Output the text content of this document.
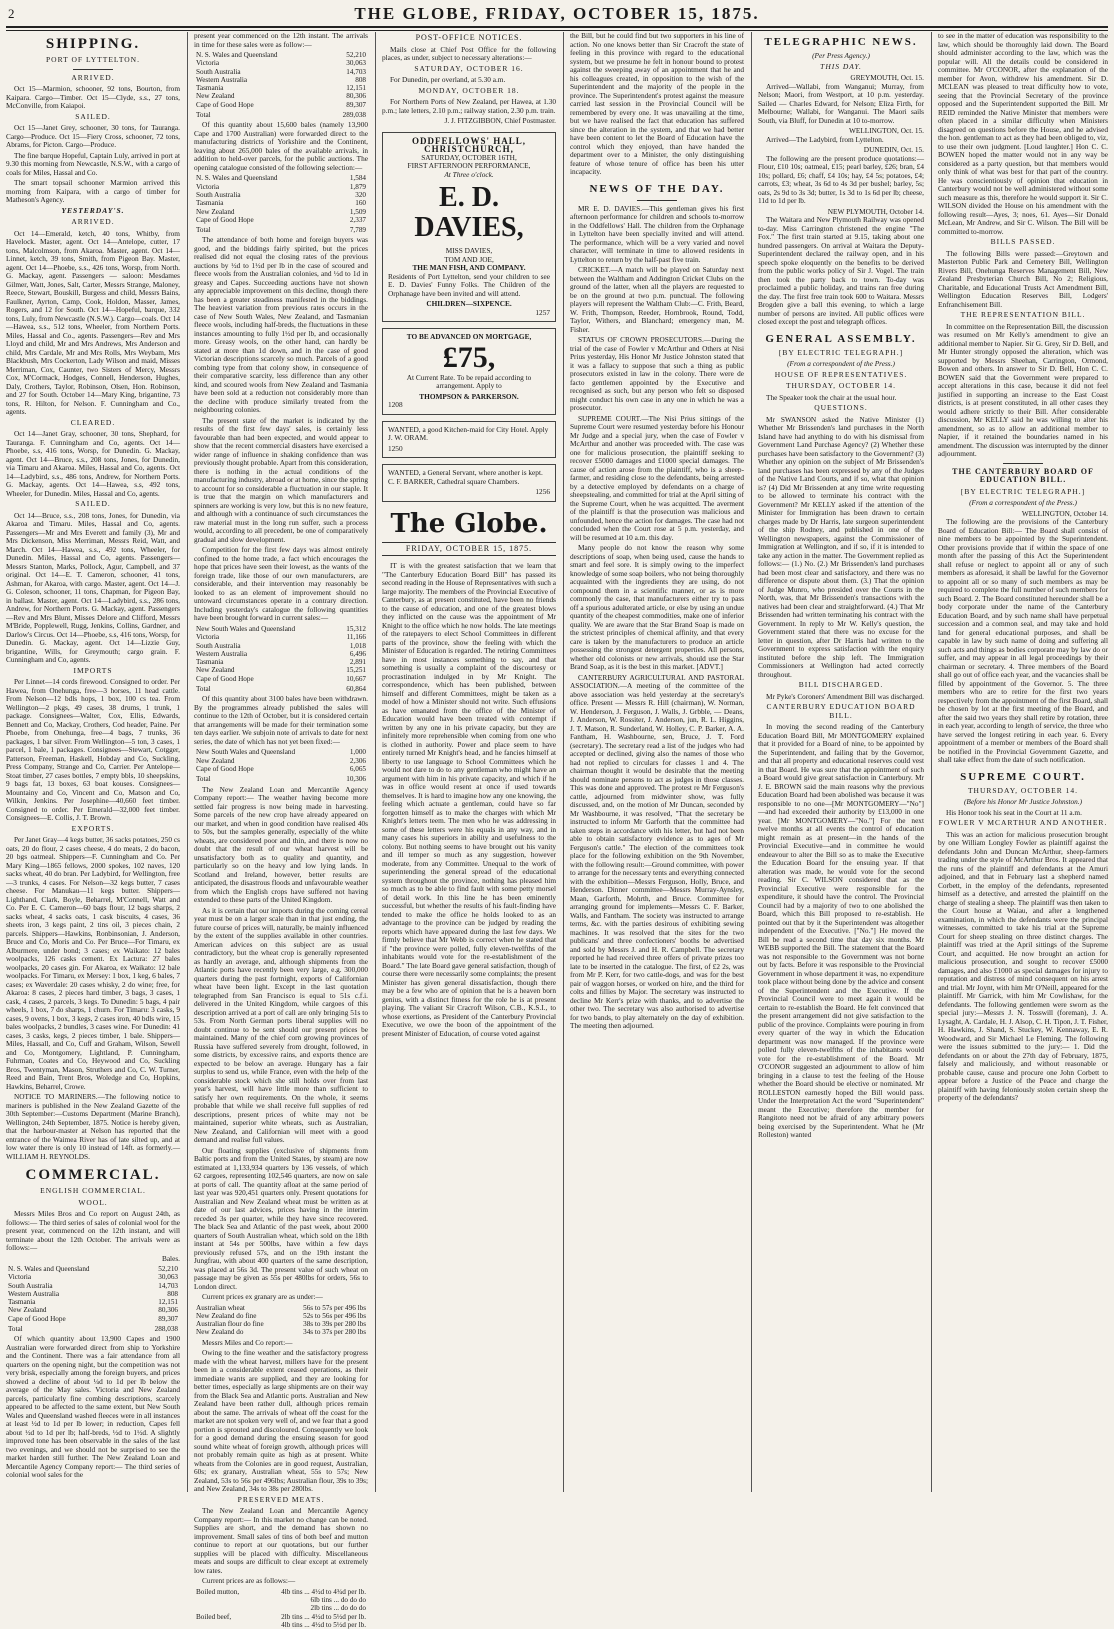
2	THE GLOBE, FRIDAY, OCTOBER 15, 1875.
SHIPPING.
PORT OF LYTTELTON.
ARRIVED.

Oct 15—Marmion, schooner, 92 tons, Bourton, from Kaipara. Cargo—Timber. Oct 15—Clyde, s.s., 27 tons, McConville, from Kaiapoi.

SAILED.

Oct 15—Janet Grey, schooner, 30 tons, for Tauranga. Cargo—Produce. Oct 15—Fiery Cross, schooner, 72 tons, Abrams, for Picton. Cargo—Produce.

The fine barque Hopeful, Captain Luly, arrived in port at 9.30 this morning from Newcastle, N.S.W., with a cargo of coals for Miles, Hassal and Co.

The smart topsail schooner Marmion arrived this morning from Kaipara, with a cargo of timber for Matheson's Agency.

YESTERDAY'S.
ARRIVED.

Oct 14—Emerald, ketch, 40 tons, Whitby, from Havelock. Master, agent. Oct 14—Antelope, cutter, 17 tons, Malcolmson, from Akaroa. Master, agent. Oct 14—Linnet, ketch, 39 tons, Smith, from Pigeon Bay. Master, agent. Oct 14—Phoebe, s.s., 426 tons, Worsp, from North. G. Mackay, agent. Passengers — saloon: Mesdames Gilmer, Watt, Jones, Salt, Carter, Messrs Strange, Maloney, Reece, Stewart, Bouskill, Burgess and child, Messrs Bains, Faulkner, Ayrton, Camp, Cook, Holdon, Masser, James, Rogers, and 12 for South. Oct 14—Hopeful, barque, 332 tons, Luly, from Newcastle (N.S.W.). Cargo—coals. Oct 14—Hawea, s.s., 512 tons, Wheeler, from Northern Ports. Miles, Hassal and Co., agents. Passengers—Rev and Mrs Lloyd and child, Mr and Mrs Andrews, Mrs Anderson and child, Mrs Cardale, Mr and Mrs Rolls, Mrs Weybam, Mrs Blackbush, Mrs Cockerton, Lady Wilson and maid, Misses Merriman, Cox, Caunter, two Sisters of Mercy, Messrs Cox, M'Cormack, Hodges, Connell, Henderson, Hughes, Daly, Crothers, Taylor, Robinson, Olsen, Hon. Robinson, and 27 for South. October 14—Mary King, brigantine, 73 tons, R. Hilton, for Nelson. F. Cunningham and Co., agents.

CLEARED.

Oct 14—Janet Gray, schooner, 30 tons, Shephard, for Tauranga. F. Cunningham and Co, agents. Oct 14—Phoebe, s.s, 416 tons, Worsp, for Dunedin. G. Mackay, agent. Oct 14—Bruce, s.s., 208 tons, Jones, for Dunedin, via Timaru and Akaroa. Miles, Hassal and Co, agents. Oct 14—Ladybird, s.s., 486 tons, Andrew, for Northern Ports. G. Mackay, agents. Oct 14—Hawea, s.s, 492 tons, Wheeler, for Dunedin. Miles, Hassal and Co, agents.

SAILED.

Oct 14—Bruce, s.s., 208 tons, Jones, for Dunedin, via Akaroa and Timaru. Miles, Hassal and Co, agents. Passengers—Mr and Mrs Everett and family (3), Mr and Mrs Dickenson, Miss Merriman, Messrs Reid, Watt, and March. Oct 14—Hawea, s.s., 492 tons, Wheeler, for Dunedin. Miles, Hassal and Co, agents. Passengers—Messrs Stanton, Marks, Pollock, Agur, Campbell, and 37 original. Oct 14—E. T. Cameron, schooner, 41 tons, Ashman, for Akaroa, with cargo. Master, agent. Oct 14—J. G. Coleson, schooner, 11 tons, Chapman, for Pigeon Bay, in ballast. Master, agent. Oct 14—Ladybird, s.s., 286 tons, Andrew, for Northern Ports. G. Mackay, agent. Passengers—Rev and Mrs Blunt, Misses Delore and Clifford, Messrs M'Bride, Popplewell, Rugg, Jenkins, Collins, Gardner, and Darlow's Circus. Oct 14—Phoebe, s.s, 416 tons, Worsp, for Dunedin. G. Mackay, agent. Oct 14—Lizzie Guy, brigantine, Wills, for Greymouth; cargo grain. F. Cunningham and Co, agents.

IMPORTS

Per Linnet—14 cords firewood. Consigned to order. Per Hawea, from Onehunga, free—3 horses, 11 head cattle. From Nelson—12 bdls hops, 1 box, 100 cs tea. From Wellington—2 pkgs, 49 cases, 38 drums, 1 trunk, 1 package. Consignees—Walter, Cox, Ellis, Edwards, Bennett and Co, Mackay, Crothers, Cod header, Paine. Per Phoebe, from Onehunga, free—4 bags, 7 trunks, 36 packages, 1 bar silver. From Wellington—5 ton, 3 cases, 1 parcel, 1 bale, 1 packages. Consignees—Stewart, Cotgger, Patterson, Freeman, Haskell, Hobday and Co, Suckling, Press Company, Strange and Co, Carrier. Per Antelope—Stoat timber, 27 cases bottles, 7 empty bbls, 10 sheepskins, 9 bags fat, 13 boxes, 63 boat kouses. Consignees—Mountainy and Co, Vincent and Co, Matson and Co, Wilkin, Jenkins. Per Josephine—40,660 feet timber. Consigned to order. Per Emerald—32,000 feet timber. Consignees—E. Collis, J. T. Brown.

EXPORTS.

Per Janet Gray—4 kegs butter, 36 sacks potatoes, 250 cs oats, 20 do flour, 2 cases cheese, 4 do meats, 2 do bacon, 20 bgs oatmeal. Shippers—F. Cunningham and Co. Per Mary King—1865 fellows, 2000 spokes, 102 naves, 120 sacks wheat, 40 do bran. Per Ladybird, for Wellington, free—3 trunks, 4 cases. For Nelson—32 kegs butter, 7 cases cheese. For Manukau—11 kegs butter. Shippers—Lighthand, Clark, Boyle, Beharrel, M'Connell, Watt and Co. Per E. C. Cameron—60 bags flour, 12 bags sharps, 2 sacks wheat, 4 sacks oats, 1 cask biscuits, 4 cases, 36 sheets iron, 3 kegs paint, 2 tins oil, 3 pieces chain, 2 parcels. Shippers—Hawkins, Ronbinsonian, J. Anderson, Bruce and Co, Moris and Co. Per Bruce—For Timaru, ex Alburmere, under bond; 3 cases; ex Waikato: 12 bales woolpacks, 126 casks cement. Ex Lactura: 27 bales woolpacks, 20 cases gin. For Akaroa, ex Waikato: 12 bale woolpacks. For Timaru, ex Mersey: 1 box, 1 keg, 6 bales, 7 cases; ex Waverdale: 20 cases whisky, 2 do wine; free, for Akaroa: 8 cases, 2 pieces hard timber, 3 bags, 3 cases, 1 cask, 4 cases, 2 parcels, 3 kegs. To Dunedin: 5 bags, 4 pair wheels, 1 box, 7 do sharps, 1 churn. For Timaru: 3 casks, 9 cases, 9 ovens, 1 box, 3 kegs, 2 cases iron, 40 bdls wire, 15 bales woolpacks, 2 bundles, 3 cases wine. For Dunedin: 41 cases, 3 casks, kegs, 2 pieces timber, 1 bale. Shippers—Miles, Hassall, and Co, Cuff and Graham, Wilson, Sewell and Co, Montgomery, Lightland, P. Cunningham, Fuhrman, Coates and Co, Heywood and Co, Suckling Bros, Twentyman, Mason, Struthers and Co, C. W. Turner, Reed and Bain, Trent Bros, Woledge and Co, Hopkins, Hawkins, Beharrel, Crowe.

NOTICE TO MARINERS.—The following notice to mariners is published in the New Zealand Gazette of the 30th September:—Customs Department (Marine Branch), Wellington, 24th September, 1875. Notice is hereby given, that the harbour-master at Nelson has reported that the entrance of the Waimea River has of late silted up, and at low water there is only 10 instead of 14ft. as formerly.—WILLIAM H. REYNOLDS.

COMMERCIAL.
ENGLISH COMMERCIAL.
WOOL.

Messrs Miles Bros and Co report on August 24th, as follows:— The third series of sales of colonial wool for the present year, commenced on the 12th instant, and will terminate about the 12th October. The arrivals were as follows:—

Bales.
N. S. Wales and Queensland	52,210
Victoria	30,063
South Australia	14,703
Western Australia	808
Tasmania	12,151
New Zealand	80,306
Cape of Good Hope	89,307
Total	288,038

Of which quantity about 13,900 Capes and 1900 Australian were forwarded direct from ship to Yorkshire and the Continent. There was a fair attendance from all quarters on the opening night, but the competition was not very brisk, especially among the foreign buyers, and prices showed a decline of about ¼d to 1d per lb below the average of the May sales. Victoria and New Zealand parcels, particularly fine combing descriptions, scarcely appeared to be affected to the same extent, but New South Wales and Queensland washed fleeces were in all instances at least ½d to 1d per lb lower; in reduction, Capes fell about ½d to 1d per lb; half-breds, ½d to 1½d. A slightly improved tone has been observable in the sales of the last two evenings, and we should not be surprised to see the market harden still further. The New Zealand Loan and Mercantile Agency Company report:— The third series of colonial wool sales for the

present year commenced on the 12th instant. The arrivals in time for these sales were as follow:—

N. S. Wales and Queensland	52,210
Victoria	30,063
South Australia	14,703
Western Australia	808
Tasmania	12,151
New Zealand	80,306
Cape of Good Hope	89,307
Total	289,038

Of this quantity about 15,600 bales (namely 13,900 Cape and 1700 Australian) were forwarded direct to the manufacturing districts of Yorkshire and the Continent, leaving about 265,000 bales of the available arrivals, in addition to held-over parcels, for the public auctions. The opening catalogue consisted of the following selection:—

N. S. Wales and Queensland	1,584
Victoria	1,879
South Australia	320
Tasmania	160
New Zealand	1,509
Cape of Good Hope	2,337
Total	7,789

The attendance of both home and foreign buyers was good, and the biddings fairly spirited, but the prices realised did not equal the closing rates of the previous auctions by ½d to 1½d per lb in the case of scoured and fleece wools from the Australian colonies, and ½d to 1d in greasy and Capes. Succeeding auctions have not shown any appreciable improvement on this decline, though there has been a greater steadiness manifested in the biddings. The heaviest variation from previous rates occurs in the case of New South Wales, New Zealand, and Tasmanian fleece wools, including half-breds, the fluctuations in these instances amounting to fully 1½d per lb, and occasionally more. Greasy wools, on the other hand, can hardly be stated at more than 1d down, and in the case of good Victorian descriptions scarcely so much. Parcels of a good combing type from that colony show, in consequence of their comparative scarcity, less difference than any other kind, and scoured wools from New Zealand and Tasmania have been sold at a reduction not considerably more than the decline with produce similarly treated from the neighbouring colonies.

The present state of the market is indicated by the results of the first few days' sales, is certainly less favourable than had been expected, and would appear to show that the recent commercial disasters have exercised a wider range of influence in shaking confidence than was previously thought probable. Apart from this consideration, there is nothing in the actual conditions of the manufacturing industry, abroad or at home, since the spring to account for so considerable a fluctuation in our staple. It is true that the margin on which manufacturers and spinners are working is very low, but this is no new feature, and although with a continuance of such circumstances the raw material must in the long run suffer, such a process would, according to all precedent, be one of comparatively gradual and slow development.

Competition for the first few days was almost entirely confined to the home trade, a fact which encourages the hope that prices have seen their lowest, as the wants of the foreign trade, like those of our own manufacturers, are considerable, and their intervention may reasonably be looked to as an element of improvement should no untoward circumstances operate in a contrary direction. Including yesterday's catalogue the following quantities have been brought forward in current sales:—

New South Wales and Queensland	15,312
Victoria	11,166
South Australia	1,018
Western Australia	6,496
Tasmania	2,891
New Zealand	15,251
Cape of Good Hope	10,667
Total	60,864

Of this quantity about 3100 bales have been withdrawn. By the programmes already published the sales will continue to the 12th of October, but it is considered certain that arrangements will be made for their termination some ten days earlier. We subjoin note of arrivals to date for next series, the date of which has not yet been fixed:—

New South Wales and Queensland	1,000
New Zealand	2,306
Cape of Good Hope	6,065
Total	10,306

The New Zealand Loan and Mercantile Agency Company report:— The weather having become more settled fair progress is now being made in harvesting. Some parcels of the new crop have already appeared on our market, and when in good condition have realised 40s to 50s, but the samples generally, especially of the white wheats, are considered poor and thin, and there is now no doubt that the result of our wheat harvest will be unsatisfactory both as to quality and quantity, and particularly so on the heavy and low lying lands. In Scotland and Ireland, however, better results are anticipated, the disastrous floods and unfavourable weather from which the English crops have suffered not having extended to these parts of the United Kingdom.

As it is certain that our imports during the coming cereal year must be on a larger scale than in that just ending, the future course of prices will, naturally, be mainly influenced by the extent of the supplies available in other countries. American advices on this subject are as usual contradictory, but the wheat crop is generally represented as hardly an average, and, although shipments from the Atlantic ports have recently been very large, e.g. 300,000 quarters during the past fortnight, exports of Californian wheat have been light. Except in the last quotation telegraphed from San Francisco is equal to 51s c.f.i. delivered in the United Kingdom, while cargoes of this description arrived at a port of call are only bringing 51s to 53s. From North German ports liberal supplies will no doubt continue to be sent should our present prices be maintained. Many of the chief corn growing provinces of Russia have suffered severely from drought, followed, in some districts, by excessive rains, and exports thence are expected to be below an average. Hungary has a fair surplus to send us, while France, even with the help of the considerable stock which she still holds over from last year's harvest, will have little more than sufficient to satisfy her own requirements. On the whole, it seems probable that while we shall receive full supplies of red descriptions, present prices of white may not be maintained, superior white wheats, such as Australian, New Zealand, and Californian will meet with a good demand and realise full values.

Our floating supplies (exclusive of shipments from Baltic ports and from the United States, by steam) are now estimated at 1,133,934 quarters by 136 vessels, of which 62 cargoes, representing 102,546 quarters, are now on sale at ports of call. The quantity afloat at the same period of last year was 920,451 quarters only. Present quotations for Australian and New Zealand wheat must be written as at date of our last advices, prices having in the interim receded 3s per quarter, while they have since recovered. The black Sea and Atlantic of the past week, about 2000 quarters of South Australian wheat, which sold on the 18th instant at 54s per 500lbs, have within a few days previously refused 57s, and on the 19th instant the Jungfrau, with about 400 quarters of the same description, was placed at 56s 3d. The present value of such wheat on passage may be given as 55s per 480lbs for orders, 56s to London direct.

Current prices ex granary are as under:—

Australian wheat	56s to 57s per 496 lbs
New Zealand do fine	52s to 56s per 496 lbs
Australian flour do fine	38s to 39s per 280 lbs
New Zealand do	34s to 37s per 280 lbs

Messrs Miles and Co report:—

Owing to the fine weather and the satisfactory progress made with the wheat harvest, millers have for the present been in a considerable extent ceased operations, as their immediate wants are supplied, and they are looking for better times, especially as large shipments are on their way from the Black Sea and Atlantic ports. Australian and New Zealand have been rather dull, although prices remain about the same. The arrivals of wheat off the coast for the market are not spoken very well of, and we fear that a good portion is sprouted and discoloured. Consequently we look for a good demand during the ensuing season for good sound white wheat of foreign growth, although prices will not probably remain quite as high as at present. White wheats from the Colonies are in good request, Australian, 60s; ex granary, Australian wheat, 55s to 57s; New Zealand, 53s to 56s per 496lbs; Australian flour, 39s to 39s; and New Zealand, 34s to 38s per 280lbs.

PRESERVED MEATS.

The New Zealand Loan and Mercantile Agency Company report:— In this market no change can be noted. Supplies are short, and the demand has shown no improvement. Small sales of tins of both beef and mutton continue to report at our quotations, but our further supplies will be placed with difficulty. Miscellaneous meats and soups are difficult to clear except at extremely low rates.

Current prices are as follows:—

Boiled mutton,	4lb tins ... 4½d to 4¾d per lb.
	6lb tins ... do do do
	2lb tins ... do do do
Boiled beef,	2lb tins ... 4½d to 5½d per lb.
	4lb tins ... 4½d to 5½d per lb.
POST-OFFICE NOTICES.

Mails close at Chief Post Office for the following places, as under, subject to necessary alterations:—

SATURDAY, OCTOBER 16.

For Dunedin, per overland, at 5.30 a.m.

MONDAY, OCTOBER 18.

For Northern Ports of New Zealand, per Hawea, at 1.30 p.m.; late letters, 2.10 p.m.; railway station, 2.30 p.m. train.

J. J. FITZGIBBON, Chief Postmaster.
ODDFELLOWS' HALL, CHRISTCHURCH,
SATURDAY, OCTOBER 16TH,
FIRST AFTERNOON PERFORMANCE,
At Three o'clock.
E. D. DAVIES,
MISS DAVIES,
TOM AND JOE,
THE MAN FISH, AND COMPANY.

Residents of Port Lyttelton, send your children to see E. D. Davies' Funny Folks. The Children of the Orphanage have been invited and will attend.

CHILDREN—SIXPENCE.
1257
TO BE ADVANCED ON MORTGAGE,
£75,

At Current Rate. To be repaid according to arrangement. Apply to

THOMPSON & PARKERSON.
1208

WANTED, a good Kitchen-maid for City Hotel. Apply J. W. ORAM.

1250

WANTED, a General Servant, where another is kept. C. F. BARKER, Cathedral square Chambers.

1256
The Globe.
FRIDAY, OCTOBER 15, 1875.

IT is with the greatest satisfaction that we learn that "The Canterbury Education Board Bill" has passed its second reading in the House of Representatives with such a large majority. The members of the Provincial Executive of Canterbury, as at present constituted, have been no friends to the cause of education, and one of the greatest blows they inflicted on the cause was the appointment of Mr Knight to the office which he now holds. The late meetings of the ratepayers to elect School Committees in different parts of the province, show the feeling with which the Minister of Education is regarded. The retiring Committees have in most instances something to say, and that something is usually a complaint of the discourtesy or procrastination indulged in by Mr Knight. The correspondence, which has been published, between himself and different Committees, might be taken as a model of how a Minister should not write. Such effusions as have emanated from the office of the Minister of Education would have been treated with contempt if written by any one in his private capacity, but they are infinitely more reprehensible when coming from one who is clothed in authority. Power and place seem to have entirely turned Mr Knight's head, and he fancies himself at liberty to use language to School Committees which he would not dare to do to any gentleman who might have an argument with him in his private capacity, and which if he was in office would resent at once if used towards themselves. It is hard to imagine how any one knowing, the feeling which actuate a gentleman, could have so far forgotten himself as to make the charges with which Mr Knight's letters teem. The men who he was addressing in some of these letters were his equals in any way, and in many cases his superiors in ability and usefulness to the colony. But nothing seems to have brought out his vanity and ill temper so much as any suggestion, however moderate, from any Committee. Unequal to the work of superintending the general spread of the educational system throughout the province, nothing has pleased him so much as to be able to find fault with some petty morsel of detail work. In this line he has been eminently successful, but whether the results of his fault-finding have tended to make the office he holds looked to as an advantage to the province can be judged by reading the reports which have appeared during the last few days. We firmly believe that Mr Webb is correct when he stated that if "the province were polled, fully eleven-twelfths of the inhabitants would vote for the re-establishment of the Board." The late Board gave general satisfaction, though of course there were necessarily some complaints; the present Minister has given general dissatisfaction, though there may be a few who are of opinion that he is a heaven born genius, with a distinct fitness for the role he is at present playing. The valiant Sir Cracroft Wilson, C.B., K.S.I., to whose exertions, as President of the Canterbury Provincial Executive, we owe the boon of the appointment of the present Minister of Education, of course voted against

the Bill, but he could find but two supporters in his line of action. No one knows better than Sir Cracroft the state of feeling in this province with regard to the educational system, but we presume he felt in honour bound to protest against the sweeping away of an appointment that he and his colleagues created, in opposition to the wish of the Superintendent and the majority of the people in the province. The Superintendent's protest against the measure carried last session in the Provincial Council will be remembered by every one. It was unavailing at the time, but we have realised the fact that education has suffered since the alteration in the system, and that we had better have been content to let the Board of Education have the control which they enjoyed, than have handed the department over to a Minister, the only distinguishing feature of whose tenure of office has been his utter incapacity.

NEWS OF THE DAY.

MR E. D. DAVIES.—This gentleman gives his first afternoon performance for children and schools to-morrow in the Oddfellows' Hall. The children from the Orphanage in Lyttelton have been specially invited and will attend. The performance, which will be a very varied and novel character, will terminate in time to allowed residents in Lyttelton to return by the half-past five train.

CRICKET.—A match will be played on Saturday next between the Waltham and Addington Cricket Clubs on the ground of the latter, when all the players are requested to be on the ground at two p.m. punctual. The following players will represent the Waltham Club:—C. Frith, Beard, W. Frith, Thompson, Reeder, Hornbrook, Round, Todd, Taylor, Withers, and Blanchard; emergency man, M. Fisher.

STATUS OF CROWN PROSECUTORS.—During the trial of the case of Fowler v McArthur and Others at Nisi Prius yesterday, His Honor Mr Justice Johnston stated that it was a fallacy to suppose that such a thing as public prosecutors existed in law in the colony. There were de facto gentlemen appointed by the Executive and recognised as such, but any person who felt so disposed might conduct his own case in any one in which he was a prosecutor.

SUPREME COURT.—The Nisi Prius sittings of the Supreme Court were resumed yesterday before his Honour Mr Judge and a special jury, when the case of Fowler v McArthur and another was proceeded with. The case was one for malicious prosecution, the plaintiff seeking to recover £5000 damages and £1000 special damages. The cause of action arose from the plaintiff, who is a sheep-farmer, and residing close to the defendants, being arrested by a detective employed by defendants on a charge of sheepstealing, and committed for trial at the April sitting of the Supreme Court, when he was acquitted. The averment of the plaintiff is that the prosecution was malicious and unfounded, hence the action for damages. The case had not concluded when the Court rose at 5 p.m. yesterday, and will be resumed at 10 a.m. this day.

Many people do not know the reason why some descriptions of soap, when being used, cause the hands to smart and feel sore. It is simply owing to the imperfect knowledge of some soap boilers, who not being thoroughly acquainted with the ingredients they are using, do not compound them in a scientific manner, or as is more commonly the case, that manufacturers either try to pass off a spurious adulterated article, or else by using an undue quantity of the cheapest commodities, make one of inferior quality. We are aware that the Star Brand Soap is made on the strictest principles of chemical affinity, and that every care is taken by the manufacturers to produce an article possessing the strongest detergent properties. All persons, whether old colonists or new arrivals, should use the Star Brand Soap, as it is the best in this market. [ADVT.]

CANTERBURY AGRICULTURAL AND PASTORAL ASSOCIATION.—A meeting of the committee of the above association was held yesterday at the secretary's office. Present — Messrs R. Hill (chairman), W. Norman, W. Henderson, J. Ferguson, J. Walls, J. Grbble, — Deans, J. Anderson, W. Rossiter, J. Anderson, jun, R. L. Higgins, J. T. Matson, R. Sunderland, W. Holley, C. P. Barker, A. A. Fantham, H. Washbourne, sen, Bruce, J. T. Ford (secretary). The secretary read a list of the judges who had accepted or declined, giving also the names of those who had not replied to circulars for classes 1 and 4. The chairman thought it would be desirable that the meeting should nominate persons to act as judges in those classes. This was done and approved. The protest re Mr Ferguson's cattle, adjourned from midwinter show, was fully discussed, and, on the motion of Mr Duncan, seconded by Mr Washbourne, it was resolved, "That the secretary be instructed to inform Mr Garforth that the committee had taken steps in accordance with his letter, but had not been able to obtain satisfactory evidence as to ages of Mr Ferguson's cattle." The election of the committees took place for the following exhibition on the 9th November, with the following result:—Ground committee, with power to arrange for the necessary tents and everything connected with the exhibition—Messrs Ferguson, Holly, Bruce, and Henderson. Dinner committee—Messrs Murray-Aynsley, Maan, Garforth, Mohrth, and Bruce. Committee for arranging ground for implements—Messrs C. F. Barker, Walls, and Fantham. The society was instructed to arrange terms, &c. with the parties desirous of exhibiting sewing machines. It was resolved that the sites for the two publicans' and three confectioners' booths be advertised and sold by Messrs J. and H. R. Campbell. The secretary reported he had received three offers of private prizes too late to be inserted in the catalogue. The first, of £2 2s, was from Mr P. Kerr, for two cattle-dogs, and was for the best pair of waggon horses, or worked on hire, and the third for colts and fillies by Major. The secretary was instructed to decline Mr Kerr's prize with thanks, and to advertise the other two. The secretary was also authorised to advertise for two bands, to play alternately on the day of exhibition. The meeting then adjourned.

TELEGRAPHIC NEWS.
(Per Press Agency.)
THIS DAY.
GREYMOUTH, Oct. 15.

Arrived—Wallabi, from Wanganui; Murray, from Nelson; Maori, from Westport, at 10 p.m. yesterday. Sailed — Charles Edward, for Nelson; Eliza Firth, for Melbourne; Wallabi, for Wanganui. The Maori sails South, via Bluff, for Dunedin at 10 to-morrow.

WELLINGTON, Oct. 15.

Arrived—The Ladybird, from Lyttelton.

DUNEDIN, Oct. 15.

The following are the present produce quotations:—Flour, £10 10s; oatmeal, £15; pearl barley, £26; bran, £4 10s; pollard, £6; chaff, £4 10s; hay, £4 5s; potatoes, £4; carrots, £3; wheat, 3s 6d to 4s 3d per bushel; barley, 5s; oats, 2s 9d to 3s 3d; butter, 1s 3d to 1s 6d per lb; cheese, 11d to 1d per lb.

NEW PLYMOUTH, October 14.

The Waitara and New Plymouth Railway was opened to-day. Miss Carrington christened the engine "The Fox." The first train started at 9.15, taking about one hundred passengers. On arrival at Waitara the Deputy-Superintendent declared the railway open, and in his speech spoke eloquently on the benefits to be derived from the public works policy of Sir J. Vogel. The train then took the party back to town. To-day was proclaimed a public holiday, and trains ran free during the day. The first free train took 600 to Waitara. Messrs Brogden give a ball this evening, to which a large number of persons are invited. All public offices were closed except the post and telegraph offices.

GENERAL ASSEMBLY.
[BY ELECTRIC TELEGRAPH.]
(From a correspondent of the Press.)
HOUSE OF REPRESENTATIVES.
THURSDAY, OCTOBER 14.

The Speaker took the chair at the usual hour.

QUESTIONS.

Mr SWANSON asked the Native Minister (1) Whether Mr Brissenden's land purchases in the North Island have had anything to do with his dismissal from Government Land Purchase Agency? (2) Whether these purchases have been satisfactory to the Government? (3) Whether any opinion on the subject of Mr Brissenden's land purchases has been expressed by any of the Judges of the Native Land Courts, and if so, what that opinion is? (4) Did Mr Brissenden at any time write requesting to be allowed to terminate his contract with the Government? Mr KELLY asked if the attention of the Minister for Immigration has been drawn to certain charges made by Dr Harris, late surgeon superintendent of the ship Rodney, and published in one of the Wellington newspapers, against the Commissioner of Immigration at Wellington, and if so, if it is intended to take any action in the matter. The Government replied as follows:— (1.) No. (2.) Mr Brissenden's land purchases had been most clear and satisfactory, and there was no difference or dispute about them. (3.) That the opinion of Judge Munro, who presided over the Courts in the North, was, that Mr Brissenden's transactions with the natives had been clear and straightforward. (4.) That Mr Brissenden had written terminating his contract with the Government. In reply to Mr W. Kelly's question, the Government stated that there was no excuse for the letter in question, after Dr Harris had written to the Government to express satisfaction with the enquiry instituted before the ship left. The Immigration Commissioners at Wellington had acted correctly throughout.

BILL DISCHARGED.

Mr Pyke's Coroners' Amendment Bill was discharged.

CANTERBURY EDUCATION BOARD BILL.

In moving the second reading of the Canterbury Education Board Bill, Mr MONTGOMERY explained that it provided for a Board of nine, to be appointed by the Superintendent, and failing that by the Governor, and that all property and educational reserves could vest in that Board. He was sure that the appointment of such a Board would give great satisfaction in Canterbury. Mr J. E. BROWN said the main reasons why the previous Education Board had been abolished was because it was responsible to no one—[Mr MONTGOMERY—"No"]—and had exceeded their authority by £13,000 in one year. [Mr MONTGOMERY—"No."] For the next twelve months at all events the control of education might remain as at present—in the hands of the Provincial Executive—and in committee he would endeavour to alter the Bill so as to make the Executive the Education Board for the ensuing year. If that alteration was made, he would vote for the second reading. Sir C. WILSON considered that as the Provincial Executive were responsible for the expenditure, it should have the control. The Provincial Council had by a majority of two to one abolished the Board, which this Bill proposed to re-establish. He pointed out that by it the Superintendent was altogether independent of the Executive. ["No."] He moved the Bill be read a second time that day six months. Mr WEBB supported the Bill. The statement that the Board was not responsible to the Government was not borne out by facts. Before it was responsible to the Provincial Government in whose department it was, no expenditure took place without being done by the advice and consent of the Superintendent and the Executive. If the Provincial Council were to meet again it would be certain to re-establish the Board. He felt convinced that the present arrangement did not give satisfaction to the public of the province. Complaints were pouring in from every quarter of the way in which the Education department was now managed. If the province were polled fully eleven-twelfths of the inhabitants would vote for the re-establishment of the Board. Mr O'CONOR suggested an adjournment to allow of him bringing in a clause to test the feeling of the House whether the Board should be elective or nominated. Mr ROLLESTON earnestly hoped the Bill would pass. Under the Interpretation Act the word "Superintendent" meant the Executive; therefore the member for Rangitoto need not be afraid of any arbitrary powers being exercised by the Superintendent. What he (Mr Rolleston) wanted

to see in the matter of education was responsibility to the law, which should be thoroughly laid down. The Board should administer according to the law, which was the popular will. All the details could be considered in committee. Mr O'CONOR, after the explanation of the member for Avon, withdrew his amendment. Sir D. MCLEAN was pleased to treat difficulty how to vote, seeing that the Provincial Secretary of the province opposed and the Superintendent supported the Bill. Mr REID reminded the Native Minister that members were often placed in a similar difficulty when Ministers disagreed on questions before the House, and he advised the hon. gentleman to act as they had been obliged to, viz, to use their own judgment. [Loud laughter.] Hon C. C. BOWEN hoped the matter would not in any way be considered as a party question, but that members would only think of what was best for that part of the country. He was conscientiously of opinion that education in Canterbury would not be well administered without some such measure as this, therefore he would support it. Sir C. WILSON divided the House on his amendment with the following result—Ayes, 3; noes, 61. Ayes—Sir Donald McLean, Mr Andrew, and Sir C. Wilson. The Bill will be committed to-morrow.

BILLS PASSED.

The following Bills were passed:—Greytown and Masterton Public Park and Cemetery Bill, Wellington Rivers Bill, Onehunga Reserves Management Bill, New Zealand Presbyterian Church Bill, No 2; Religious, Charitable, and Educational Trusts Act Amendment Bill, Wellington Education Reserves Bill, Lodgers' Enfranchisement Bill.

THE REPRESENTATION BILL.

In committee on the Representation Bill, the discussion was resumed on Mr Kelly's amendment to give an additional member to Napier. Sir G. Grey, Sir D. Bell, and Mr Hunter strongly opposed the alteration, which was supported by Messrs Sheehan, Carrington, Ormond, Bowen and others. In answer to Sir D. Bell, Hon C. C. BOWEN said that the Government were prepared to accept alterations in this case, because it did not feel justified in supporting an increase to the East Coast districts, is at present constituted, in all other cases they would adhere strictly to their Bill. After considerable discussion, Mr KELLY said he was willing to alter his amendment, so as to allow an additional member to Napier, if it retained the boundaries named in his amendment. The discussion was interrupted by the dinner adjournment.

THE CANTERBURY BOARD OF EDUCATION BILL.
[BY ELECTRIC TELEGRAPH.]
(From a correspondent of the Press.)
WELLINGTON, October 14.

The following are the provisions of the Canterbury Board of Education Bill:— The Board shall consist of nine members to be appointed by the Superintendent. Other provisions provide that if within the space of one month after the passing of this Act the Superintendent shall refuse or neglect to appoint all or any of such members as aforesaid, it shall be lawful for the Governor to appoint all or so many of such members as may be required to complete the full number of such members for such Board. 2. The Board constituted hereunder shall be a body corporate under the name of the Canterbury Education Board, and by such name shall have perpetual succession and a common seal, and may take and hold land for general educational purposes, and shall be capable in law by such name of doing and suffering all such acts and things as bodies corporate may by law do or suffer, and may appear in all legal proceedings by their chairman or secretary. 4. Three members of the Board shall go out of office each year, and the vacancies shall be filled by appointment of the Governor. 5. The three members who are to retire for the first two years respectively from the appointment of the first Board, shall be chosen by lot at the first meeting of the Board, and after the said two years they shall retire by rotation, three in each year, according to length of service, the three who have served the longest retiring in each year. 6. Every appointment of a member or members of the Board shall be notified in the Provincial Government Gazette, and shall take effect from the date of such notification.

SUPREME COURT.
THURSDAY, OCTOBER 14.
(Before his Honor Mr Justice Johnston.)

His Honor took his seat in the Court at 11 a.m.

FOWLER V MCARTHUR AND ANOTHER.

This was an action for malicious prosecution brought by one William Longley Fowler as plaintiff against the defendants John and Duncan McArthur, sheep-farmers trading under the style of McArthur Bros. It appeared that the runs of the plaintiff and defendants at the Amuri adjoined, and that in February last a shepherd named Corbett, in the employ of the defendants, represented himself as a detective, and arrested the plaintiff on the charge of stealing a sheep. The plaintiff was then taken to the Court house at Waiau, and after a lengthened examination, in which the defendants were the principal witnesses, committed to take his trial at the Supreme Court for sheep stealing on three distinct charges. The plaintiff was tried at the April sittings of the Supreme Court, and acquitted. He now brought an action for malicious prosecution, and sought to recover £5000 damages, and also £1000 as special damages for injury to reputation and distress of mind consequent on his arrest and trial. Mr Joynt, with him Mr O'Neill, appeared for the plaintiff. Mr Garrick, with him Mr Cowlishaw, for the defendants. The following gentlemen were sworn as the special jury:—Messrs J. N. Tosswill (foreman), J. A. Lysaght, A. Cardale, H. J. Alsop, C. H. Tipon, J. T. Fisher, H. Hawkins, J. Shand, S. Stuckey, W. Kennaway, E. R. Woodward, and Sir Michael Le Fleming. The following were the issues submitted to the jury:— 1. Did the defendants on or about the 27th day of February, 1875, falsely and maliciously, and without reasonable or probable cause, cause and procure one John Corbett to appear before a Justice of the Peace and charge the plaintiff with having feloniously stolen certain sheep the property of the defendants?
